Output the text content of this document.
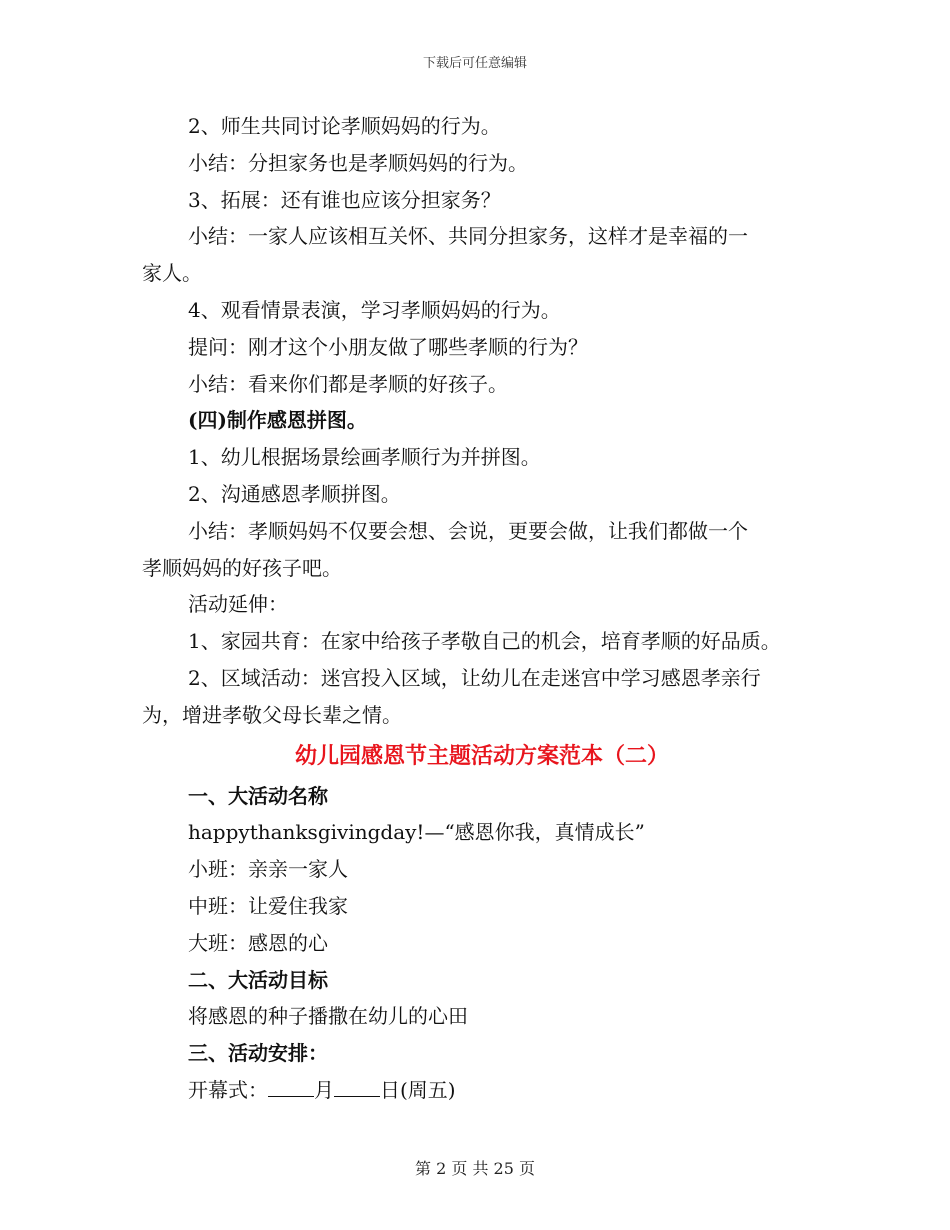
下载后可任意编辑
2、师生共同讨论孝顺妈妈的行为。
小结：分担家务也是孝顺妈妈的行为。
3、拓展：还有谁也应该分担家务？
小结：一家人应该相互关怀、共同分担家务，这样才是幸福的一
家人。
4、观看情景表演，学习孝顺妈妈的行为。
提问：刚才这个小朋友做了哪些孝顺的行为？
小结：看来你们都是孝顺的好孩子。
(四)制作感恩拼图。
1、幼儿根据场景绘画孝顺行为并拼图。
2、沟通感恩孝顺拼图。
小结：孝顺妈妈不仅要会想、会说，更要会做，让我们都做一个
孝顺妈妈的好孩子吧。
活动延伸：
1、家园共育：在家中给孩子孝敬自己的机会，培育孝顺的好品质。
2、区域活动：迷宫投入区域，让幼儿在走迷宫中学习感恩孝亲行
为，增进孝敬父母长辈之情。
幼儿园感恩节主题活动方案范本（二）
一、大活动名称
happythanksgivingday!—“感恩你我，真情成长”
小班：亲亲一家人
中班：让爱住我家
大班：感恩的心
二、大活动目标
将感恩的种子播撒在幼儿的心田
三、活动安排：
开幕式： 月 日(周五)
第 2 页 共 25 页
